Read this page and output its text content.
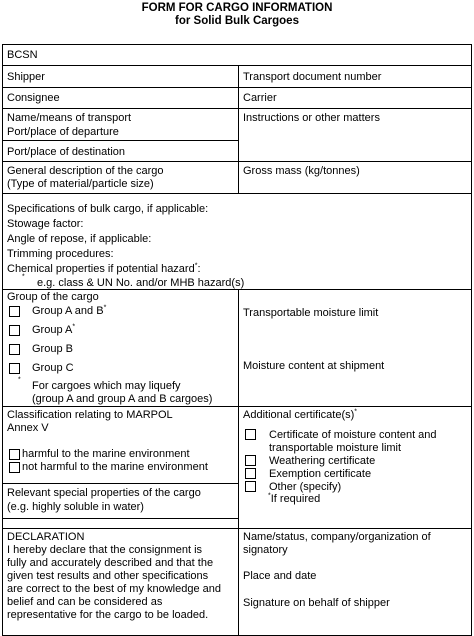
FORM FOR CARGO INFORMATION
for Solid Bulk Cargoes
BCSN
Shipper	Transport document number
Consignee	Carrier
Name/means of transport
Port/place of departure
Port/place of destination
Instructions or other matters
General description of the cargo
(Type of material/particle size)
Gross mass (kg/tonnes)
Specifications of bulk cargo, if applicable:
Stowage factor:
Angle of repose, if applicable:
Trimming procedures:
Chemical properties if potential hazard*:
*
e.g. class & UN No. and/or MHB hazard(s)
Group of the cargo
Group A and B*
Group A*
Group B
Group C
*
For cargoes which may liquefy
(group A and group A and B cargoes)
Transportable moisture limit
Moisture content at shipment
Classification relating to MARPOL
Annex V
harmful to the marine environment
not harmful to the marine environment
Relevant special properties of the cargo
(e.g. highly soluble in water)
Additional certificate(s)*
Certificate of moisture content and
transportable moisture limit
Weathering certificate
Exemption certificate
Other (specify)
*If required
DECLARATION
I hereby declare that the consignment is
fully and accurately described and that the
given test results and other specifications
are correct to the best of my knowledge and
belief and can be considered as
representative for the cargo to be loaded.
Name/status, company/organization of
signatory
Place and date
Signature on behalf of shipper
